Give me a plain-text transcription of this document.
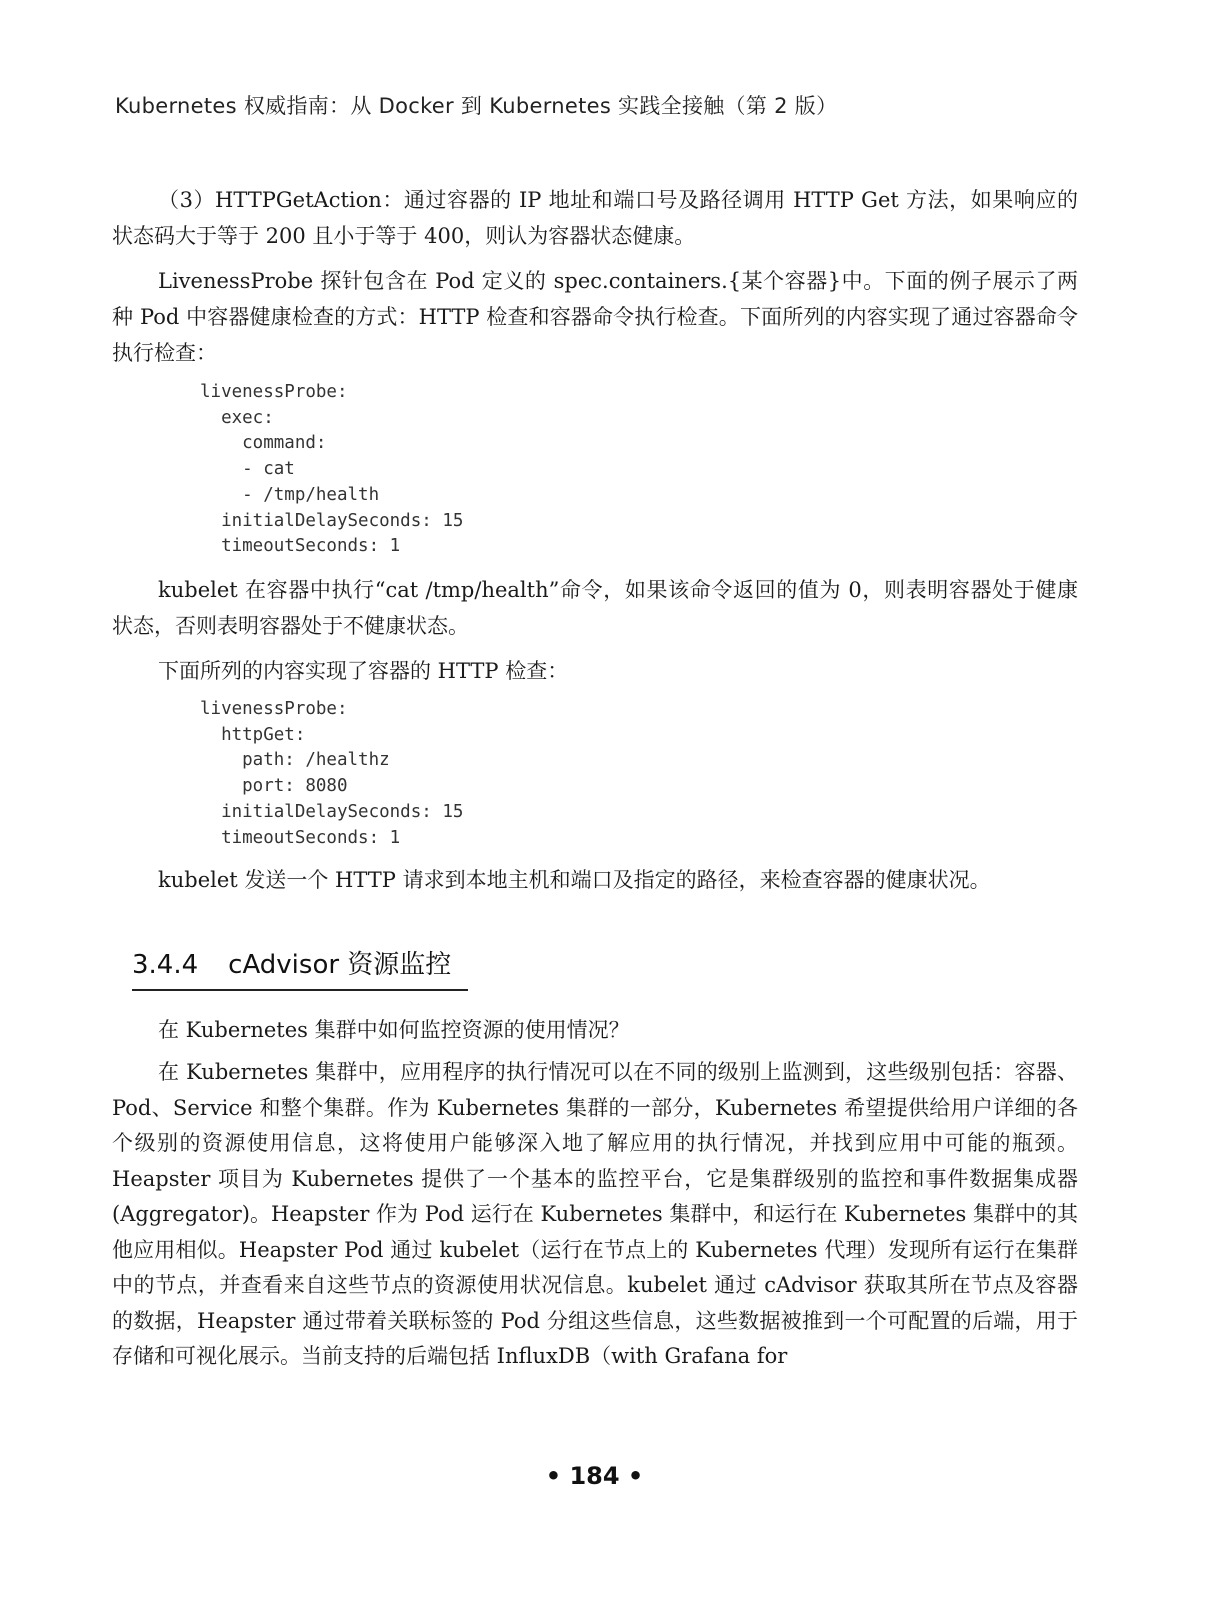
Kubernetes 权威指南：从 Docker 到 Kubernetes 实践全接触（第 2 版）

（3）HTTPGetAction：通过容器的 IP 地址和端口号及路径调用 HTTP Get 方法，如果响应的状态码大于等于 200 且小于等于 400，则认为容器状态健康。

LivenessProbe 探针包含在 Pod 定义的 spec.containers.{某个容器}中。下面的例子展示了两种 Pod 中容器健康检查的方式：HTTP 检查和容器命令执行检查。下面所列的内容实现了通过容器命令执行检查：

livenessProbe:
exec:
command:
- cat
- /tmp/health
initialDelaySeconds: 15
timeoutSeconds: 1

kubelet 在容器中执行“cat /tmp/health”命令，如果该命令返回的值为 0，则表明容器处于健康状态，否则表明容器处于不健康状态。

下面所列的内容实现了容器的 HTTP 检查：

livenessProbe:
httpGet:
path: /healthz
port: 8080
initialDelaySeconds: 15
timeoutSeconds: 1

kubelet 发送一个 HTTP 请求到本地主机和端口及指定的路径，来检查容器的健康状况。

3.4.4 cAdvisor 资源监控

在 Kubernetes 集群中如何监控资源的使用情况？

在 Kubernetes 集群中，应用程序的执行情况可以在不同的级别上监测到，这些级别包括：容器、Pod、Service 和整个集群。作为 Kubernetes 集群的一部分，Kubernetes 希望提供给用户详细的各个级别的资源使用信息，这将使用户能够深入地了解应用的执行情况，并找到应用中可能的瓶颈。Heapster 项目为 Kubernetes 提供了一个基本的监控平台，它是集群级别的监控和事件数据集成器(Aggregator)。Heapster 作为 Pod 运行在 Kubernetes 集群中，和运行在 Kubernetes 集群中的其他应用相似。Heapster Pod 通过 kubelet（运行在节点上的 Kubernetes 代理）发现所有运行在集群中的节点，并查看来自这些节点的资源使用状况信息。kubelet 通过 cAdvisor 获取其所在节点及容器的数据，Heapster 通过带着关联标签的 Pod 分组这些信息，这些数据被推到一个可配置的后端，用于存储和可视化展示。当前支持的后端包括 InfluxDB（with Grafana for

• 184 •
